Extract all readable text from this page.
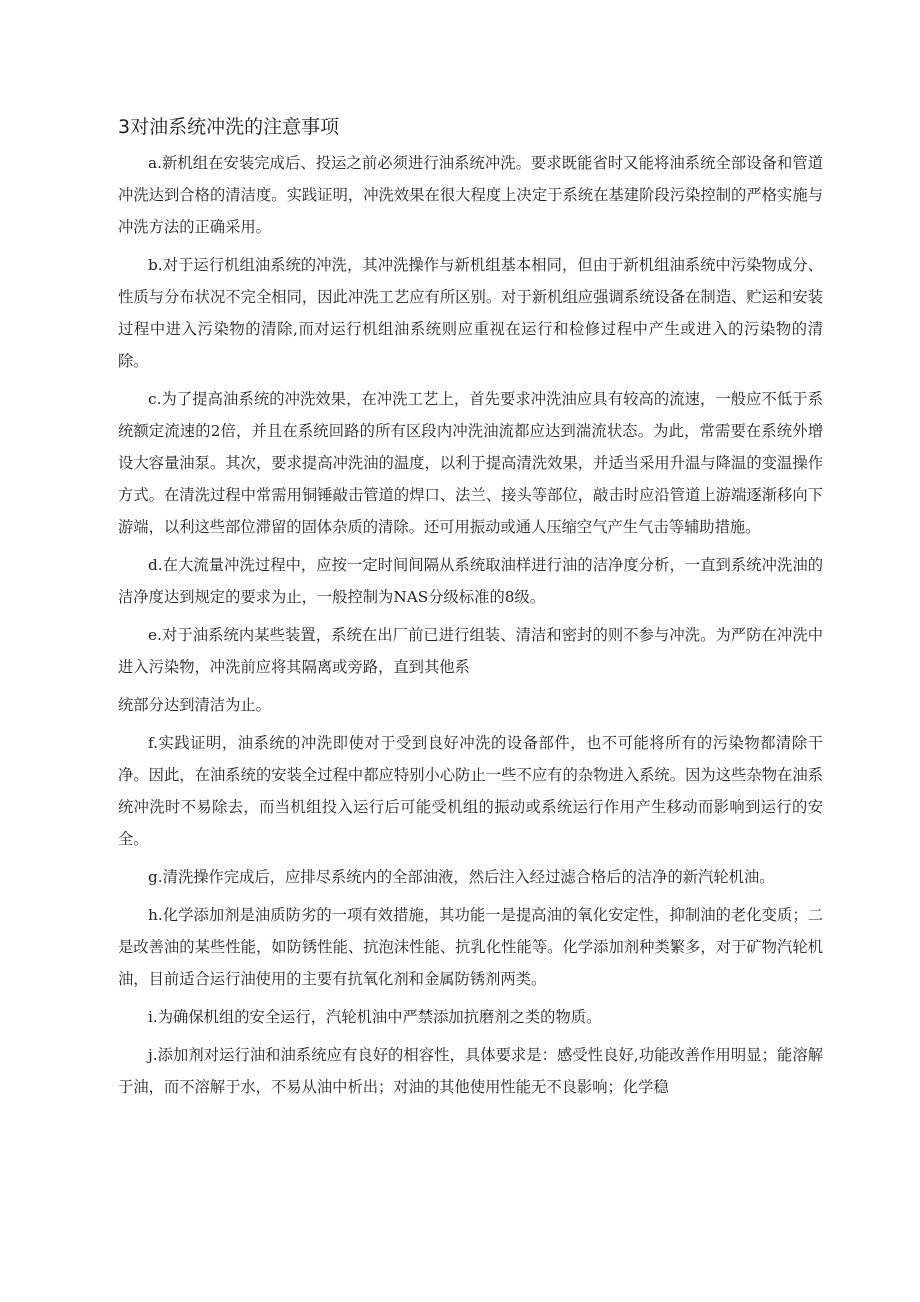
3对油系统冲洗的注意事项

a.新机组在安装完成后、投运之前必须进行油系统冲洗。要求既能省时又能将油系统全部设备和管道冲洗达到合格的清洁度。实践证明，冲洗效果在很大程度上决定于系统在基建阶段污染控制的严格实施与冲洗方法的正确采用。

b.对于运行机组油系统的冲洗，其冲洗操作与新机组基本相同，但由于新机组油系统中污染物成分、性质与分布状况不完全相同，因此冲洗工艺应有所区别。对于新机组应强调系统设备在制造、贮运和安装过程中进入污染物的清除,而对运行机组油系统则应重视在运行和检修过程中产生或进入的污染物的清除。

c.为了提高油系统的冲洗效果，在冲洗工艺上，首先要求冲洗油应具有较高的流速，一般应不低于系统额定流速的2倍，并且在系统回路的所有区段内冲洗油流都应达到湍流状态。为此，常需要在系统外增设大容量油泵。其次，要求提高冲洗油的温度，以利于提高清洗效果，并适当采用升温与降温的变温操作方式。在清洗过程中常需用铜锤敲击管道的焊口、法兰、接头等部位，敲击时应沿管道上游端逐渐移向下游端，以利这些部位滞留的固体杂质的清除。还可用振动或通人压缩空气产生气击等辅助措施。

d.在大流量冲洗过程中，应按一定时间间隔从系统取油样进行油的洁净度分析，一直到系统冲洗油的洁净度达到规定的要求为止，一般控制为NAS分级标准的8级。

e.对于油系统内某些装置，系统在出厂前已进行组装、清洁和密封的则不参与冲洗。为严防在冲洗中进入污染物，冲洗前应将其隔离或旁路，直到其他系

统部分达到清洁为止。

f.实践证明，油系统的冲洗即使对于受到良好冲洗的设备部件，也不可能将所有的污染物都清除干净。因此，在油系统的安装全过程中都应特别小心防止一些不应有的杂物进入系统。因为这些杂物在油系统冲洗时不易除去，而当机组投入运行后可能受机组的振动或系统运行作用产生移动而影响到运行的安全。

g.清洗操作完成后，应排尽系统内的全部油液，然后注入经过滤合格后的洁净的新汽轮机油。

h.化学添加剂是油质防劣的一项有效措施，其功能一是提高油的氧化安定性，抑制油的老化变质；二是改善油的某些性能，如防锈性能、抗泡沫性能、抗乳化性能等。化学添加剂种类繁多，对于矿物汽轮机油，目前适合运行油使用的主要有抗氧化剂和金属防锈剂两类。

i.为确保机组的安全运行，汽轮机油中严禁添加抗磨剂之类的物质。

j.添加剂对运行油和油系统应有良好的相容性，具体要求是：感受性良好,功能改善作用明显；能溶解于油，而不溶解于水，不易从油中析出；对油的其他使用性能无不良影响；化学稳
